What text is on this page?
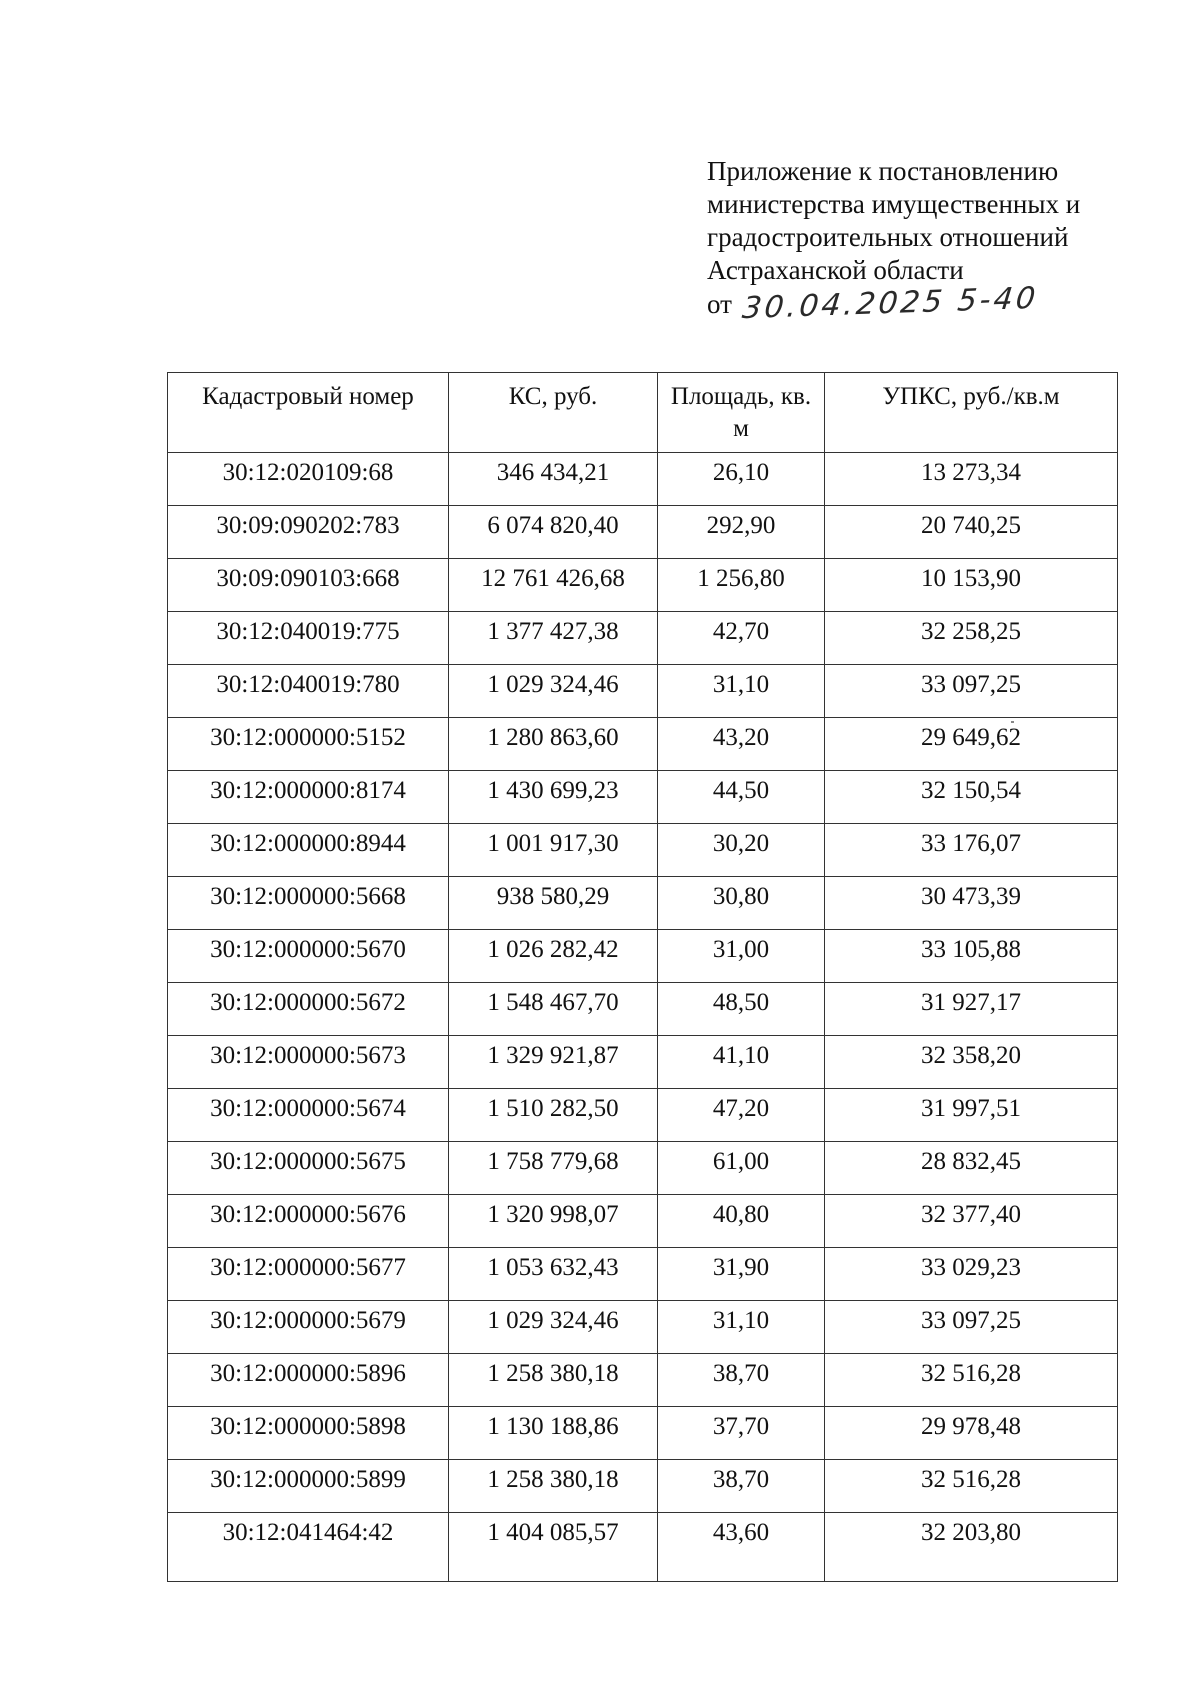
Приложение к постановлению
министерства имущественных и
градостроительных отношений
Астраханской области
от 30.04.2025 5-40
Кадастровый номер	КС, руб.	Площадь, кв. м	УПКС, руб./кв.м
30:12:020109:68	346 434,21	26,10	13 273,34
30:09:090202:783	6 074 820,40	292,90	20 740,25
30:09:090103:668	12 761 426,68	1 256,80	10 153,90
30:12:040019:775	1 377 427,38	42,70	32 258,25
30:12:040019:780	1 029 324,46	31,10	33 097,25
30:12:000000:5152	1 280 863,60	43,20	29 649,62
30:12:000000:8174	1 430 699,23	44,50	32 150,54
30:12:000000:8944	1 001 917,30	30,20	33 176,07
30:12:000000:5668	938 580,29	30,80	30 473,39
30:12:000000:5670	1 026 282,42	31,00	33 105,88
30:12:000000:5672	1 548 467,70	48,50	31 927,17
30:12:000000:5673	1 329 921,87	41,10	32 358,20
30:12:000000:5674	1 510 282,50	47,20	31 997,51
30:12:000000:5675	1 758 779,68	61,00	28 832,45
30:12:000000:5676	1 320 998,07	40,80	32 377,40
30:12:000000:5677	1 053 632,43	31,90	33 029,23
30:12:000000:5679	1 029 324,46	31,10	33 097,25
30:12:000000:5896	1 258 380,18	38,70	32 516,28
30:12:000000:5898	1 130 188,86	37,70	29 978,48
30:12:000000:5899	1 258 380,18	38,70	32 516,28
30:12:041464:42	1 404 085,57	43,60	32 203,80
